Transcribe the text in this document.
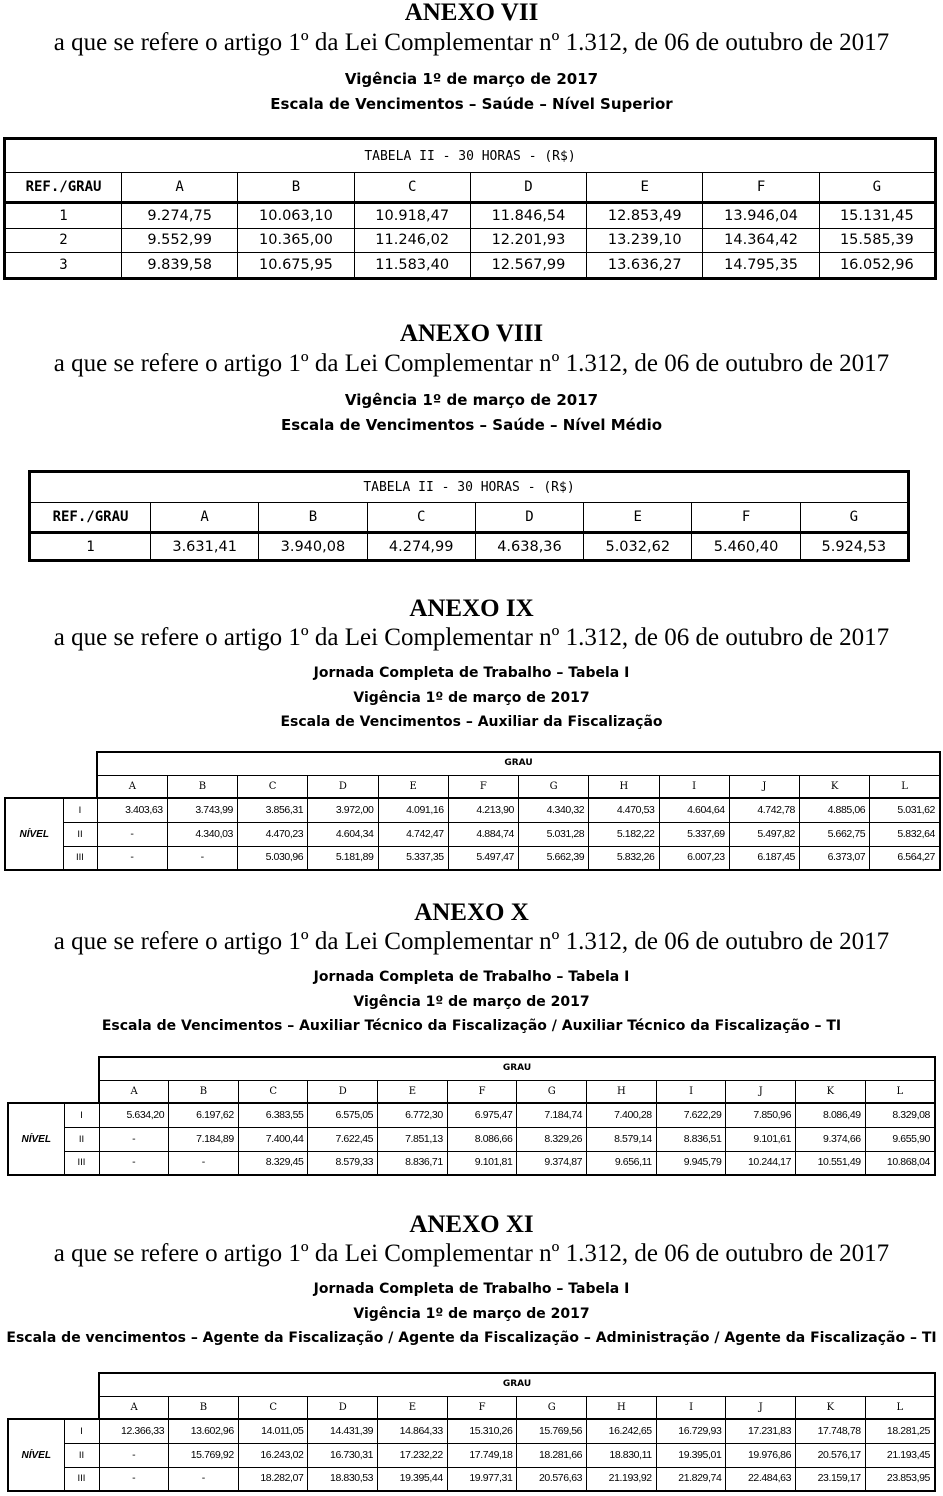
ANEXO VII
a que se refere o artigo 1º da Lei Complementar nº 1.312, de 06 de outubro de 2017
Vigência 1º de março de 2017
Escala de Vencimentos – Saúde – Nível Superior
TABELA II - 30 HORAS - (R$)							
REF./GRAU	A	B	C	D	E	F	G
1	9.274,75	10.063,10	10.918,47	11.846,54	12.853,49	13.946,04	15.131,45
2	9.552,99	10.365,00	11.246,02	12.201,93	13.239,10	14.364,42	15.585,39
3	9.839,58	10.675,95	11.583,40	12.567,99	13.636,27	14.795,35	16.052,96
ANEXO VIII
a que se refere o artigo 1º da Lei Complementar nº 1.312, de 06 de outubro de 2017
Vigência 1º de março de 2017
Escala de Vencimentos – Saúde – Nível Médio
TABELA II - 30 HORAS - (R$)							
REF./GRAU	A	B	C	D	E	F	G
1	3.631,41	3.940,08	4.274,99	4.638,36	5.032,62	5.460,40	5.924,53
ANEXO IX
a que se refere o artigo 1º da Lei Complementar nº 1.312, de 06 de outubro de 2017
Jornada Completa de Trabalho – Tabela I
Vigência 1º de março de 2017
Escala de Vencimentos – Auxiliar da Fiscalização
		GRAU											
		A	B	C	D	E	F	G	H	I	J	K	L
NÍVEL	I	3.403,63	3.743,99	3.856,31	3.972,00	4.091,16	4.213,90	4.340,32	4.470,53	4.604,64	4.742,78	4.885,06	5.031,62
	II	-	4.340,03	4.470,23	4.604,34	4.742,47	4.884,74	5.031,28	5.182,22	5.337,69	5.497,82	5.662,75	5.832,64
	III	-	-	5.030,96	5.181,89	5.337,35	5.497,47	5.662,39	5.832,26	6.007,23	6.187,45	6.373,07	6.564,27
ANEXO X
a que se refere o artigo 1º da Lei Complementar nº 1.312, de 06 de outubro de 2017
Jornada Completa de Trabalho – Tabela I
Vigência 1º de março de 2017
Escala de Vencimentos – Auxiliar Técnico da Fiscalização / Auxiliar Técnico da Fiscalização – TI
		GRAU											
		A	B	C	D	E	F	G	H	I	J	K	L
NÍVEL	I	5.634,20	6.197,62	6.383,55	6.575,05	6.772,30	6.975,47	7.184,74	7.400,28	7.622,29	7.850,96	8.086,49	8.329,08
	II	-	7.184,89	7.400,44	7.622,45	7.851,13	8.086,66	8.329,26	8.579,14	8.836,51	9.101,61	9.374,66	9.655,90
	III	-	-	8.329,45	8.579,33	8.836,71	9.101,81	9.374,87	9.656,11	9.945,79	10.244,17	10.551,49	10.868,04
ANEXO XI
a que se refere o artigo 1º da Lei Complementar nº 1.312, de 06 de outubro de 2017
Jornada Completa de Trabalho – Tabela I
Vigência 1º de março de 2017
Escala de vencimentos – Agente da Fiscalização / Agente da Fiscalização – Administração / Agente da Fiscalização – TI
		GRAU											
		A	B	C	D	E	F	G	H	I	J	K	L
NÍVEL	I	12.366,33	13.602,96	14.011,05	14.431,39	14.864,33	15.310,26	15.769,56	16.242,65	16.729,93	17.231,83	17.748,78	18.281,25
	II	-	15.769,92	16.243,02	16.730,31	17.232,22	17.749,18	18.281,66	18.830,11	19.395,01	19.976,86	20.576,17	21.193,45
	III	-	-	18.282,07	18.830,53	19.395,44	19.977,31	20.576,63	21.193,92	21.829,74	22.484,63	23.159,17	23.853,95
